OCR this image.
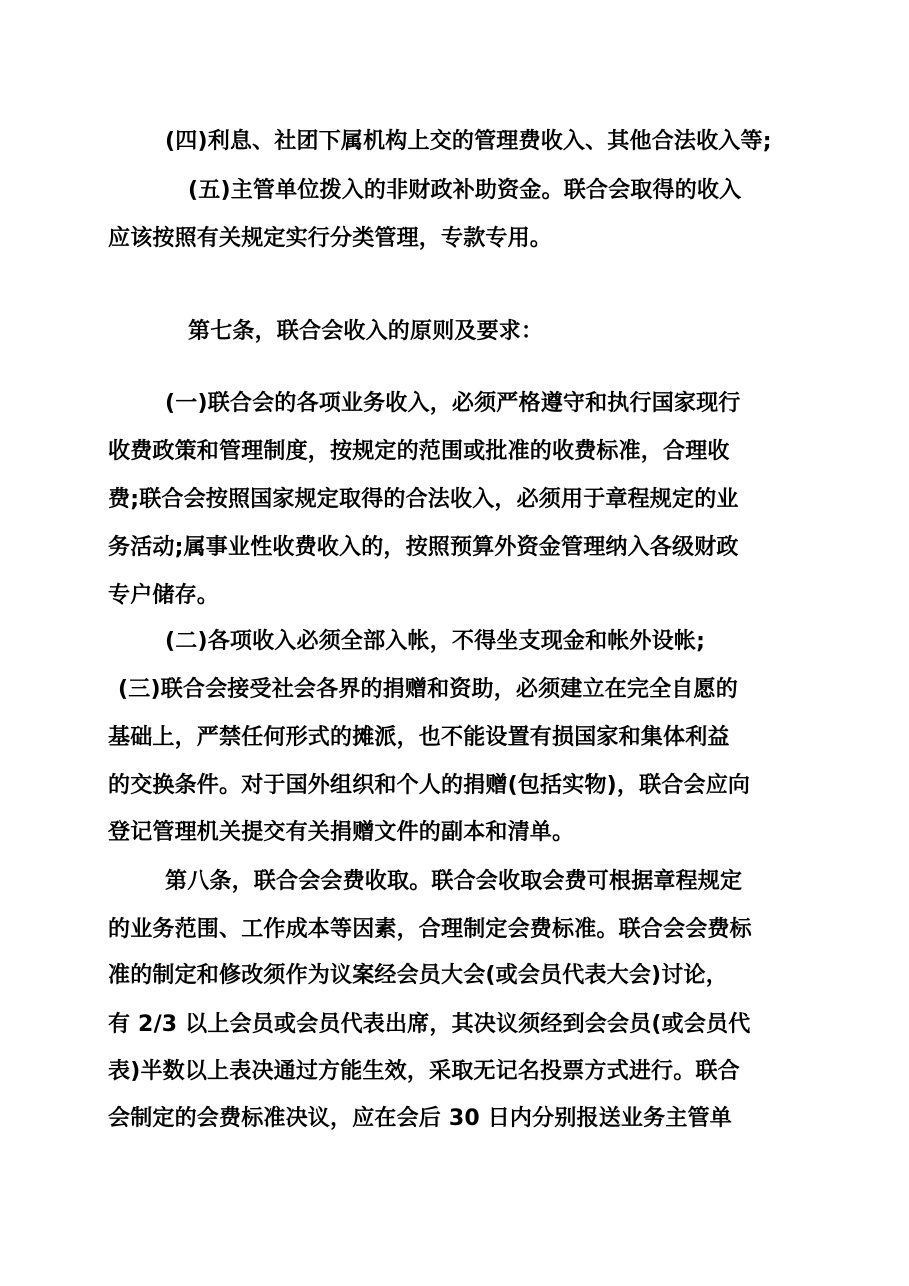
(四)利息、社团下属机构上交的管理费收入、其他合法收入等;

(五)主管单位拨入的非财政补助资金。联合会取得的收入

应该按照有关规定实行分类管理，专款专用。

第七条，联合会收入的原则及要求：

(一)联合会的各项业务收入，必须严格遵守和执行国家现行

收费政策和管理制度，按规定的范围或批准的收费标准，合理收

费;联合会按照国家规定取得的合法收入，必须用于章程规定的业

务活动;属事业性收费收入的，按照预算外资金管理纳入各级财政

专户储存。

(二)各项收入必须全部入帐，不得坐支现金和帐外设帐;

(三)联合会接受社会各界的捐赠和资助，必须建立在完全自愿的

基础上，严禁任何形式的摊派，也不能设置有损国家和集体利益

的交换条件。对于国外组织和个人的捐赠(包括实物)，联合会应向

登记管理机关提交有关捐赠文件的副本和清单。

第八条，联合会会费收取。联合会收取会费可根据章程规定

的业务范围、工作成本等因素，合理制定会费标准。联合会会费标

准的制定和修改须作为议案经会员大会(或会员代表大会)讨论，

有 2/3 以上会员或会员代表出席，其决议须经到会会员(或会员代

表)半数以上表决通过方能生效，采取无记名投票方式进行。联合

会制定的会费标准决议，应在会后 30 日内分别报送业务主管单
